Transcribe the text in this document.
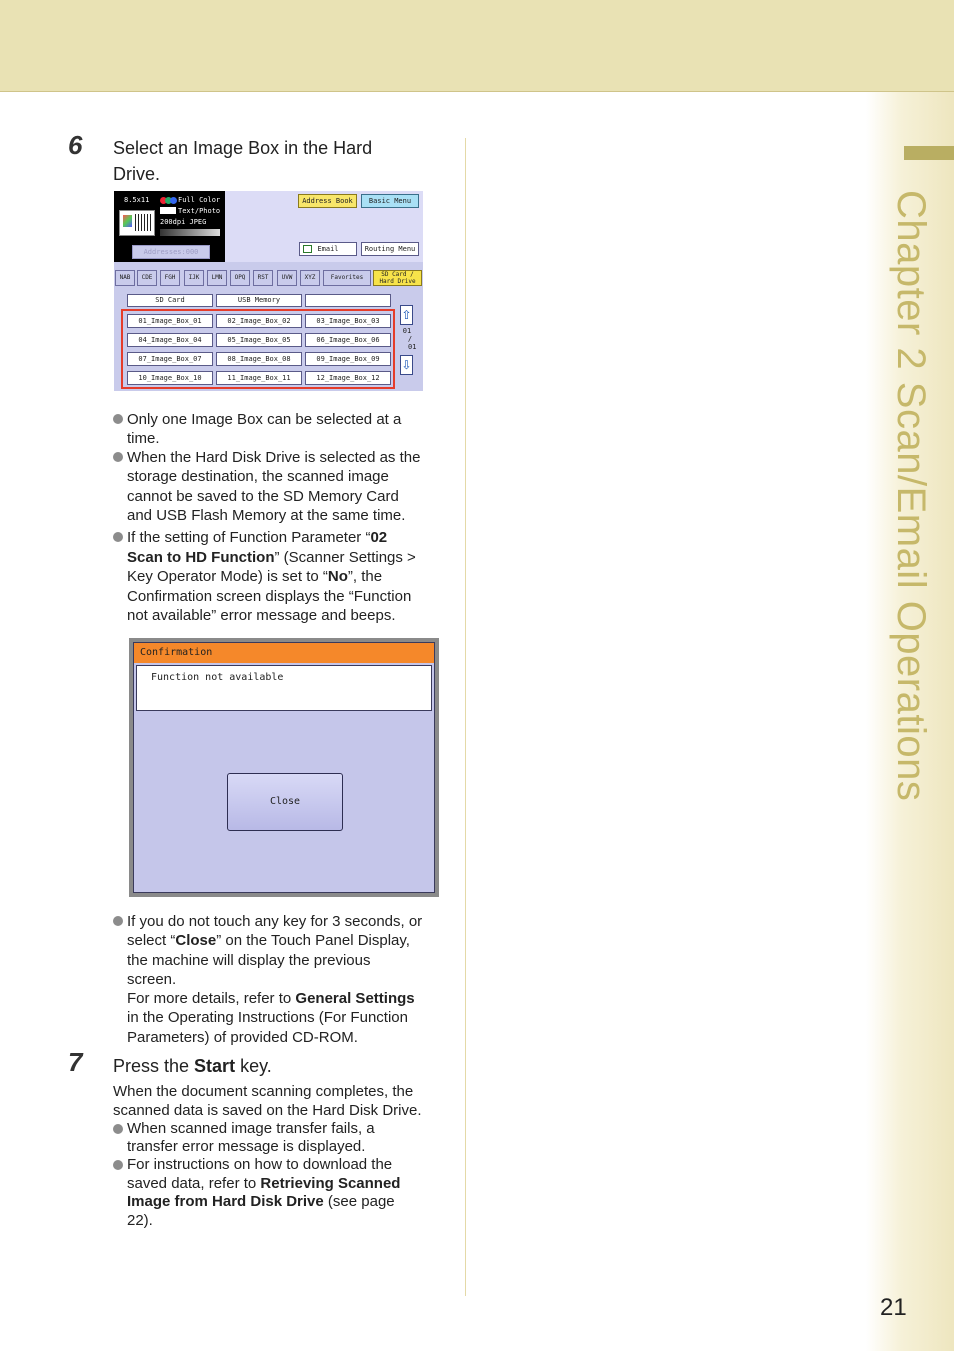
Chapter 2 Scan/Email Operations
6 Select an Image Box in the Hard
Drive.
8.5x11	Full Color
Text/Photo
200dpi JPEG
Addresses:000
Address Book	Basic Menu
Email	Routing Menu
NAB	CDE	FGH	IJK	LMN	OPQ	RST	UVW	XYZ	Favorites	SD Card /
Hard Drive
SD Card	USB Memory
01_Image_Box_01	02_Image_Box_02	03_Image_Box_03
04_Image_Box_04	05_Image_Box_05	06_Image_Box_06
07_Image_Box_07	08_Image_Box_08	09_Image_Box_09
10_Image_Box_10	11_Image_Box_11	12_Image_Box_12
⇧
01
/
01
⇩
Only one Image Box can be selected at a
time.
When the Hard Disk Drive is selected as the
storage destination, the scanned image
cannot be saved to the SD Memory Card
and USB Flash Memory at the same time.
If the setting of Function Parameter “02
Scan to HD Function” (Scanner Settings >
Key Operator Mode) is set to “No”, the
Confirmation screen displays the “Function
not available” error message and beeps.
Confirmation
Function not available
Close
If you do not touch any key for 3 seconds, or
select “Close” on the Touch Panel Display,
the machine will display the previous
screen.
For more details, refer to General Settings
in the Operating Instructions (For Function
Parameters) of provided CD-ROM.
7 Press the Start key.
When the document scanning completes, the
scanned data is saved on the Hard Disk Drive.
When scanned image transfer fails, a
transfer error message is displayed.
For instructions on how to download the
saved data, refer to Retrieving Scanned
Image from Hard Disk Drive (see page
22).
21
